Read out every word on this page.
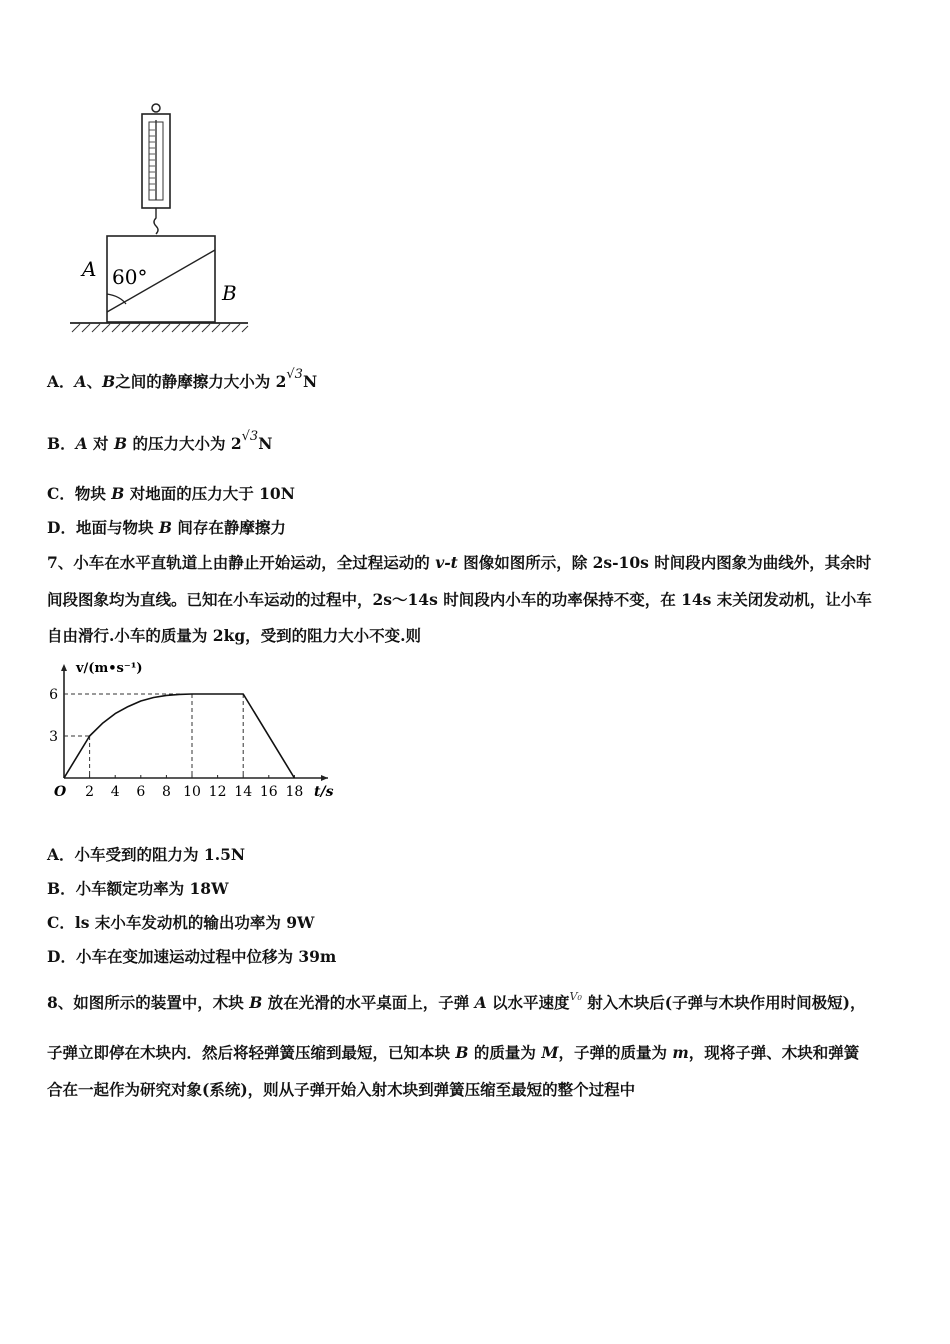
A 60°
B
A．A、B之间的静摩擦力大小为 2√3N
B．A 对 B 的压力大小为 2√3N
C．物块 B 对地面的压力大于 10N
D．地面与物块 B 间存在静摩擦力
7、小车在水平直轨道上由静止开始运动，全过程运动的 v-t 图像如图所示，除 2s-10s 时间段内图象为曲线外，其余时
间段图象均为直线。已知在小车运动的过程中，2s～14s 时间段内小车的功率保持不变，在 14s 末关闭发动机，让小车
自由滑行.小车的质量为 2kg，受到的阻力大小不变.则
v/(m•s⁻¹)
t/s
O 2 4 6 8 10 12 14 16 18
3
6
A．小车受到的阻力为 1.5N
B．小车额定功率为 18W
C．ls 末小车发动机的输出功率为 9W
D．小车在变加速运动过程中位移为 39m
8、如图所示的装置中，木块 B 放在光滑的水平桌面上，子弹 A 以水平速度$^{V_0}$ 射入木块后(子弹与木块作用时间极短)，
子弹立即停在木块内．然后将轻弹簧压缩到最短，已知本块 B 的质量为 M，子弹的质量为 m，现将子弹、木块和弹簧
合在一起作为研究对象(系统)，则从子弹开始入射木块到弹簧压缩至最短的整个过程中
